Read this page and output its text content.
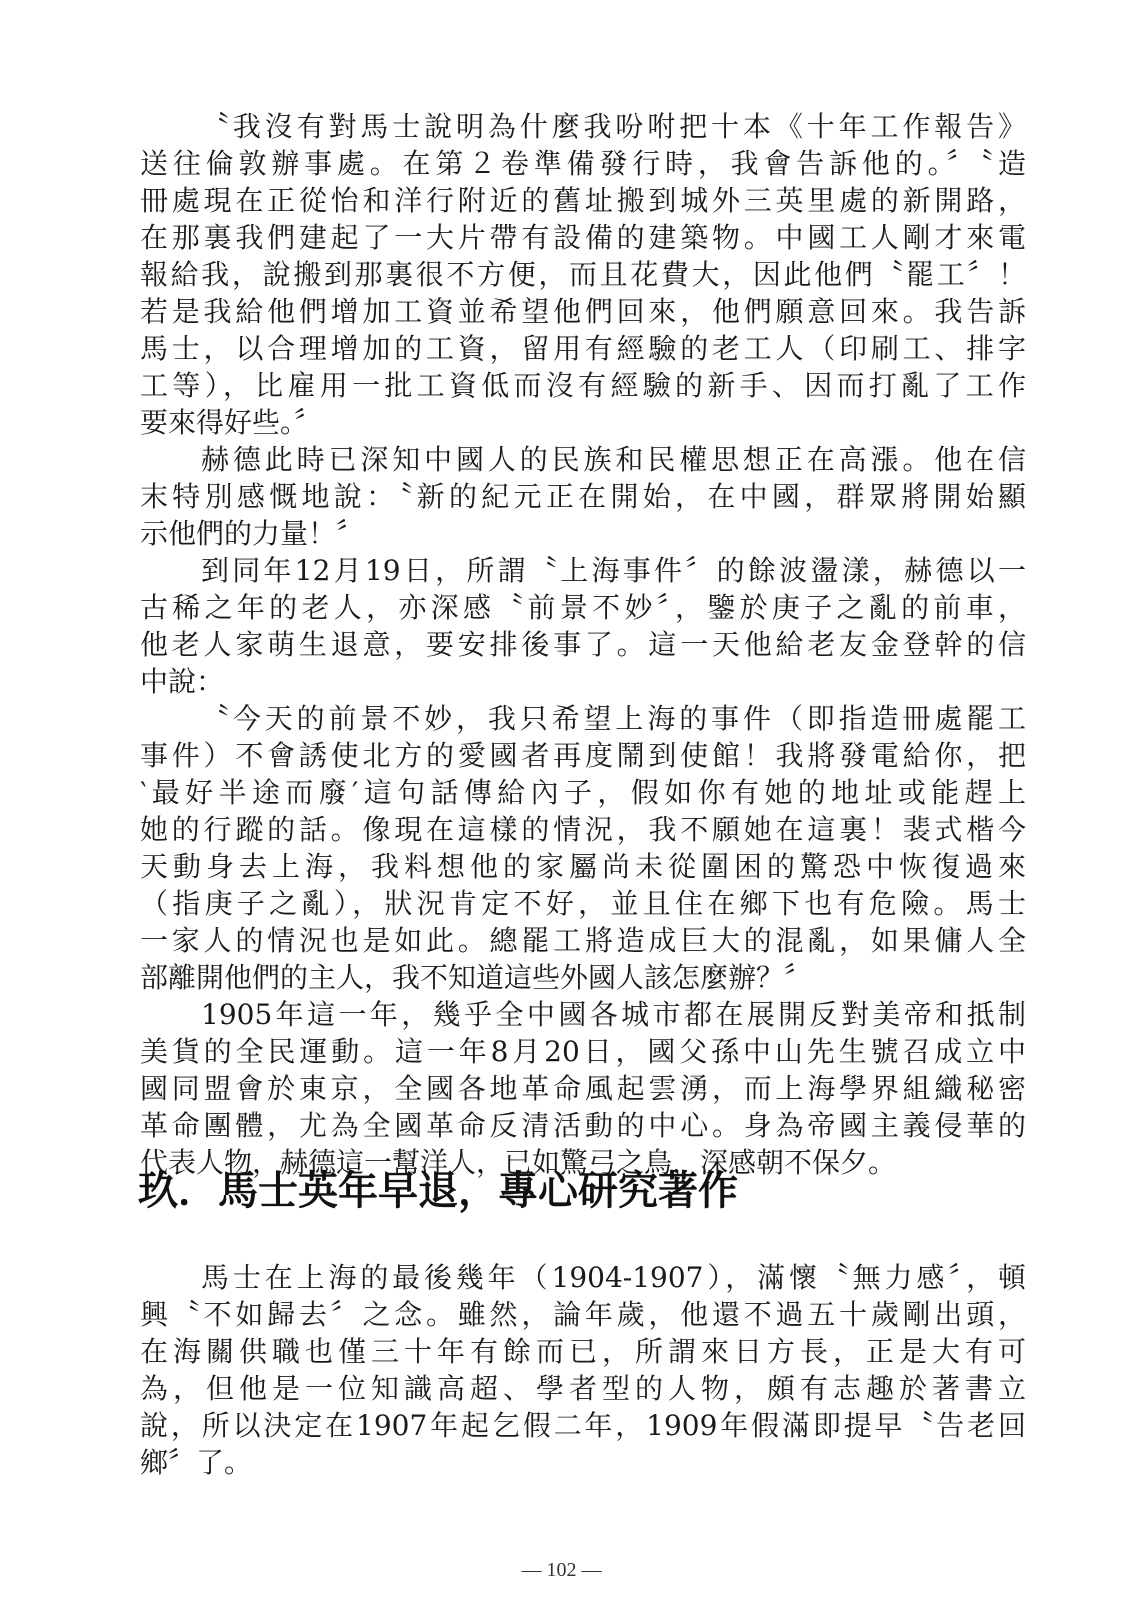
〝我沒有對馬士說明為什麼我吩咐把十本《十年工作報告》
送往倫敦辦事處。在第２卷準備發行時，我會告訴他的。〞〝造
冊處現在正從怡和洋行附近的舊址搬到城外三英里處的新開路，
在那裏我們建起了一大片帶有設備的建築物。中國工人剛才來電
報給我，說搬到那裏很不方便，而且花費大，因此他們〝罷工〞！
若是我給他們增加工資並希望他們回來，他們願意回來。我告訴
馬士，以合理增加的工資，留用有經驗的老工人（印刷工、排字
工等），比雇用一批工資低而沒有經驗的新手、因而打亂了工作
要來得好些。〞
赫德此時已深知中國人的民族和民權思想正在高漲。他在信
末特別感慨地說：〝新的紀元正在開始，在中國，群眾將開始顯
示他們的力量！〞
到同年12月19日，所謂〝上海事件〞的餘波盪漾，赫德以一
古稀之年的老人，亦深感〝前景不妙〞，鑒於庚子之亂的前車，
他老人家萌生退意，要安排後事了。這一天他給老友金登幹的信
中說：
〝今天的前景不妙，我只希望上海的事件（即指造冊處罷工
事件）不會誘使北方的愛國者再度鬧到使館！我將發電給你，把
‵最好半途而廢′這句話傳給內子，假如你有她的地址或能趕上
她的行蹤的話。像現在這樣的情況，我不願她在這裏！裴式楷今
天動身去上海，我料想他的家屬尚未從圍困的驚恐中恢復過來
（指庚子之亂），狀況肯定不好，並且住在鄉下也有危險。馬士
一家人的情況也是如此。總罷工將造成巨大的混亂，如果傭人全
部離開他們的主人，我不知道這些外國人該怎麼辦？〞
1905年這一年，幾乎全中國各城市都在展開反對美帝和抵制
美貨的全民運動。這一年8月20日，國父孫中山先生號召成立中
國同盟會於東京，全國各地革命風起雲湧，而上海學界組織秘密
革命團體，尤為全國革命反清活動的中心。身為帝國主義侵華的
代表人物，赫德這一幫洋人，已如驚弓之鳥，深感朝不保夕。
玖．馬士英年早退，專心研究著作
馬士在上海的最後幾年（1904-1907），滿懷〝無力感〞，頓
興〝不如歸去〞之念。雖然，論年歲，他還不過五十歲剛出頭，
在海關供職也僅三十年有餘而已，所謂來日方長，正是大有可
為，但他是一位知識高超、學者型的人物，頗有志趣於著書立
說，所以決定在1907年起乞假二年，1909年假滿即提早〝告老回
鄉〞了。
— 102 —
